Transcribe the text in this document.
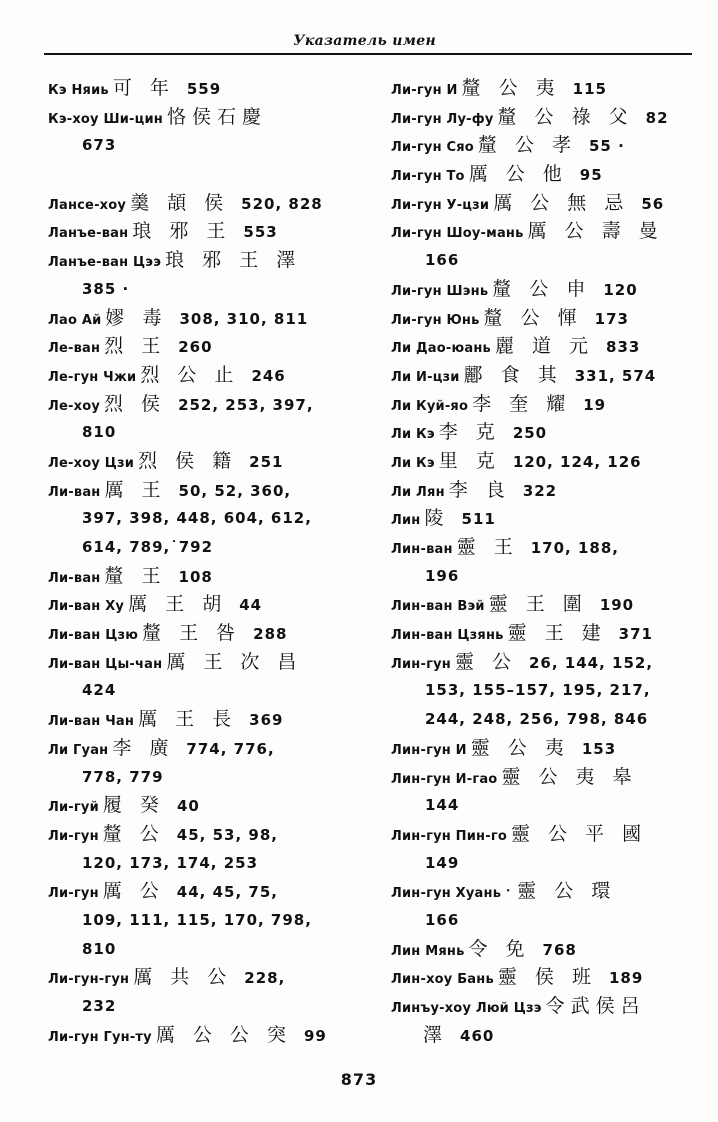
Указатель имен
Кэ Няиь 可 年 559
Кэ-хоу Ши-цин 恪侯石慶
673
Лансе-хоу 羹 頡 侯 520, 828
Ланъе-ван 琅 邪 王 553
Ланъе-ван Цээ 琅 邪 王 澤
385 ·
Лао Ай 嫪 毒 308, 310, 811
Ле-ван 烈 王 260
Ле-гун Чжи 烈 公 止 246
Ле-хоу 烈 侯 252, 253, 397,
810
Ле-хоу Цзи 烈 侯 籍 251
Ли-ван 厲 王 50, 52, 360,
397, 398, 448, 604, 612,
614, 789,˙792
Ли-ван 釐 王 108
Ли-ван Ху 厲 王 胡 44
Ли-ван Цзю 釐 王 咎 288
Ли-ван Цы-чан 厲 王 次 昌
424
Ли-ван Чан 厲 王 長 369
Ли Гуан 李 廣 774, 776,
778, 779
Ли-гуй 履 癸 40
Ли-гун 釐 公 45, 53, 98,
120, 173, 174, 253
Ли-гун 厲 公 44, 45, 75,
109, 111, 115, 170, 798,
810
Ли-гун-гун 厲 共 公 228,
232
Ли-гун Гун-ту 厲 公 公 突 99
Ли-гун И 釐 公 夷 115
Ли-гун Лу-фу 釐 公 祿 父 82
Ли-гун Сяо 釐 公 孝 55 ·
Ли-гун То 厲 公 他 95
Ли-гун У-цзи 厲 公 無 忌 56
Ли-гун Шоу-мань 厲 公 壽 曼
166
Ли-гун Шэнь 釐 公 申 120
Ли-гун Юнь 釐 公 惲 173
Ли Дао-юань 麗 道 元 833
Ли И-цзи 酈 食 其 331, 574
Ли Куй-яо 李 奎 耀 19
Ли Кэ 李 克 250
Ли Кэ 里 克 120, 124, 126
Ли Лян 李 良 322
Лин 陵 511
Лин-ван 靈 王 170, 188,
196
Лин-ван Вэй 靈 王 圍 190
Лин-ван Цзянь 靈 王 建 371
Лин-гун 靈 公 26, 144, 152,
153, 155–157, 195, 217,
244, 248, 256, 798, 846
Лин-гун И 靈 公 夷 153
Лин-гун И-гао 靈 公 夷 皋
144
Лин-гун Пин-го 靈 公 平 國
149
Лин-гун Хуань ·靈 公 環
166
Лин Мянь 令 免 768
Лин-хоу Бань 靈 侯 班 189
Линъу-хоу Люй Цзэ 令武侯呂
澤 460
873
